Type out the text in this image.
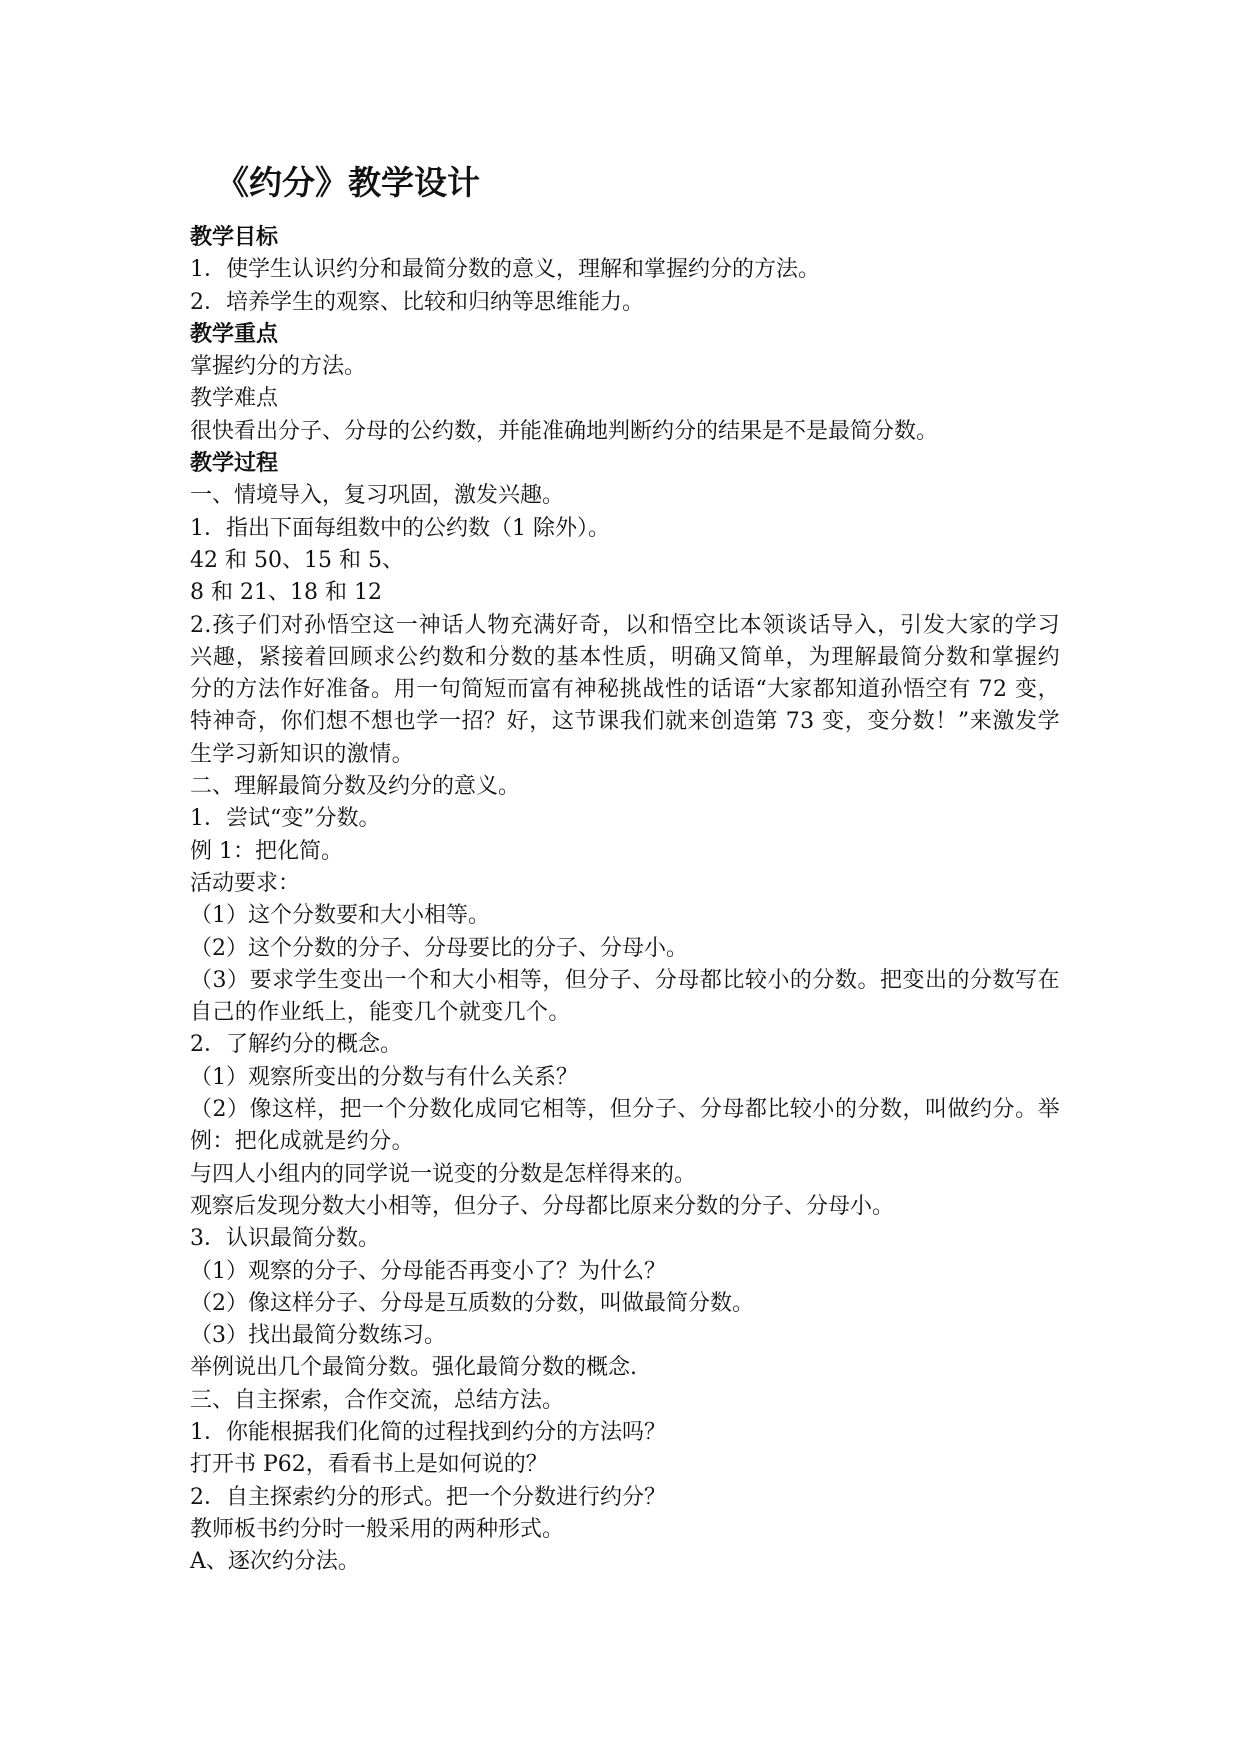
《约分》教学设计

教学目标

1．使学生认识约分和最简分数的意义，理解和掌握约分的方法。

2．培养学生的观察、比较和归纳等思维能力。

教学重点

掌握约分的方法。

教学难点

很快看出分子、分母的公约数，并能准确地判断约分的结果是不是最简分数。

教学过程

一、情境导入，复习巩固，激发兴趣。

1．指出下面每组数中的公约数（1 除外）。

42 和 50、15 和 5、

8 和 21、18 和 12

2.孩子们对孙悟空这一神话人物充满好奇，以和悟空比本领谈话导入，引发大家的学习兴趣，紧接着回顾求公约数和分数的基本性质，明确又简单，为理解最简分数和掌握约分的方法作好准备。用一句简短而富有神秘挑战性的话语“大家都知道孙悟空有 72 变，特神奇，你们想不想也学一招？好，这节课我们就来创造第 73 变，变分数！”来激发学生学习新知识的激情。

二、理解最简分数及约分的意义。

1．尝试“变”分数。

例 1：把化简。

活动要求：

（1）这个分数要和大小相等。

（2）这个分数的分子、分母要比的分子、分母小。

（3）要求学生变出一个和大小相等，但分子、分母都比较小的分数。把变出的分数写在自己的作业纸上，能变几个就变几个。

2．了解约分的概念。

（1）观察所变出的分数与有什么关系？

（2）像这样，把一个分数化成同它相等，但分子、分母都比较小的分数，叫做约分。举例：把化成就是约分。

与四人小组内的同学说一说变的分数是怎样得来的。

观察后发现分数大小相等，但分子、分母都比原来分数的分子、分母小。

3．认识最简分数。

（1）观察的分子、分母能否再变小了？为什么？

（2）像这样分子、分母是互质数的分数，叫做最简分数。

（3）找出最简分数练习。

举例说出几个最简分数。强化最简分数的概念.

三、自主探索，合作交流，总结方法。

1．你能根据我们化简的过程找到约分的方法吗？

打开书 P62，看看书上是如何说的？

2．自主探索约分的形式。把一个分数进行约分？

教师板书约分时一般采用的两种形式。

A、逐次约分法。
